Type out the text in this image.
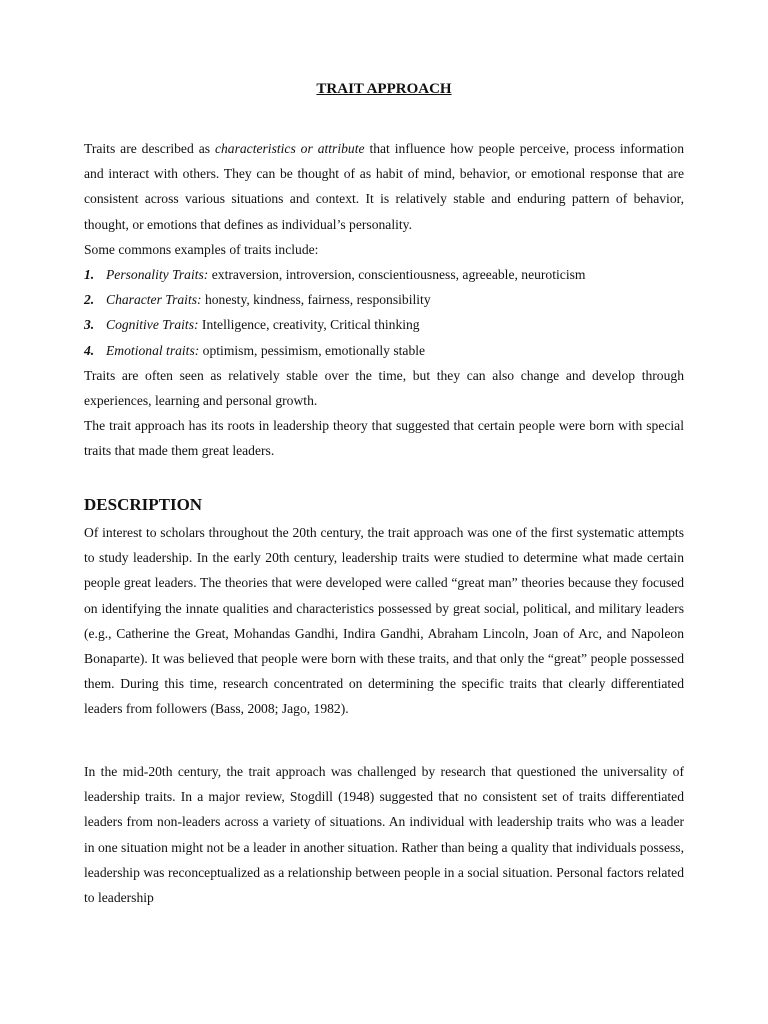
TRAIT APPROACH

Traits are described as characteristics or attribute that influence how people perceive, process information and interact with others. They can be thought of as habit of mind, behavior, or emotional response that are consistent across various situations and context. It is relatively stable and enduring pattern of behavior, thought, or emotions that defines as individual’s personality.

Some commons examples of traits include:

1. Personality Traits: extraversion, introversion, conscientiousness, agreeable, neuroticism
2. Character Traits: honesty, kindness, fairness, responsibility
3. Cognitive Traits: Intelligence, creativity, Critical thinking
4. Emotional traits: optimism, pessimism, emotionally stable

Traits are often seen as relatively stable over the time, but they can also change and develop through experiences, learning and personal growth.

The trait approach has its roots in leadership theory that suggested that certain people were born with special traits that made them great leaders.

DESCRIPTION

Of interest to scholars throughout the 20th century, the trait approach was one of the first systematic attempts to study leadership. In the early 20th century, leadership traits were studied to determine what made certain people great leaders. The theories that were developed were called “great man” theories because they focused on identifying the innate qualities and characteristics possessed by great social, political, and military leaders (e.g., Catherine the Great, Mohandas Gandhi, Indira Gandhi, Abraham Lincoln, Joan of Arc, and Napoleon Bonaparte). It was believed that people were born with these traits, and that only the “great” people possessed them. During this time, research concentrated on determining the specific traits that clearly differentiated leaders from followers (Bass, 2008; Jago, 1982).

In the mid-20th century, the trait approach was challenged by research that questioned the universality of leadership traits. In a major review, Stogdill (1948) suggested that no consistent set of traits differentiated leaders from non-leaders across a variety of situations. An individual with leadership traits who was a leader in one situation might not be a leader in another situation. Rather than being a quality that individuals possess, leadership was reconceptualized as a relationship between people in a social situation. Personal factors related to leadership
